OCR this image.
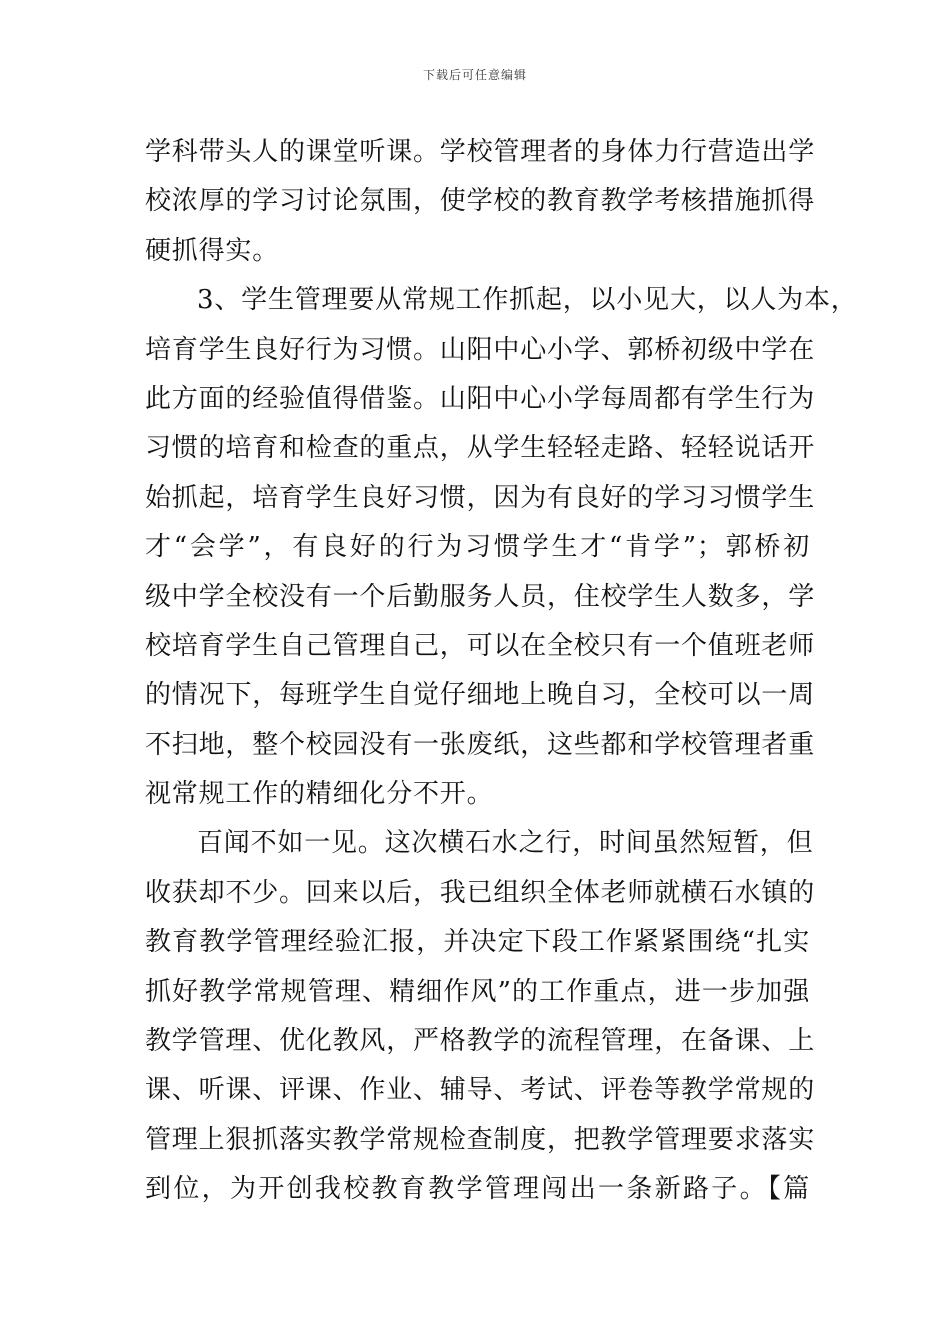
下载后可任意编辑
学科带头人的课堂听课。学校管理者的身体力行营造出学
校浓厚的学习讨论氛围，使学校的教育教学考核措施抓得
硬抓得实。
3、学生管理要从常规工作抓起，以小见大，以人为本，
培育学生良好行为习惯。山阳中心小学、郭桥初级中学在
此方面的经验值得借鉴。山阳中心小学每周都有学生行为
习惯的培育和检查的重点，从学生轻轻走路、轻轻说话开
始抓起，培育学生良好习惯，因为有良好的学习习惯学生
才“会学”，有良好的行为习惯学生才“肯学”；郭桥初
级中学全校没有一个后勤服务人员，住校学生人数多，学
校培育学生自己管理自己，可以在全校只有一个值班老师
的情况下，每班学生自觉仔细地上晚自习，全校可以一周
不扫地，整个校园没有一张废纸，这些都和学校管理者重
视常规工作的精细化分不开。
百闻不如一见。这次横石水之行，时间虽然短暂，但
收获却不少。回来以后，我已组织全体老师就横石水镇的
教育教学管理经验汇报，并决定下段工作紧紧围绕“扎实
抓好教学常规管理、精细作风”的工作重点，进一步加强
教学管理、优化教风，严格教学的流程管理，在备课、上
课、听课、评课、作业、辅导、考试、评卷等教学常规的
管理上狠抓落实教学常规检查制度，把教学管理要求落实
到位，为开创我校教育教学管理闯出一条新路子。【篇
